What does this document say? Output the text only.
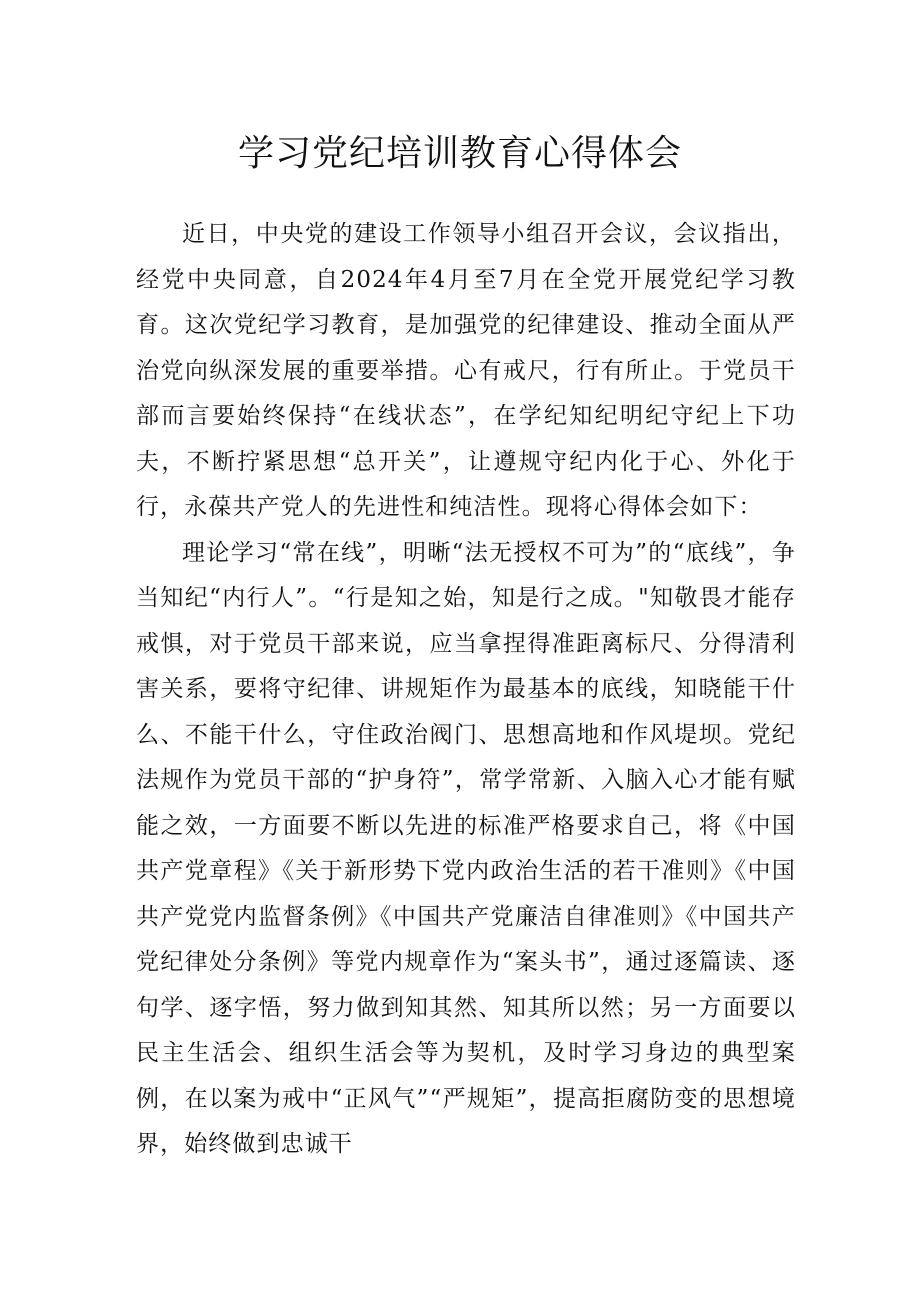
学习党纪培训教育心得体会

近日，中央党的建设工作领导小组召开会议，会议指出，经党中央同意，自2024年4月至7月在全党开展党纪学习教育。这次党纪学习教育，是加强党的纪律建设、推动全面从严治党向纵深发展的重要举措。心有戒尺，行有所止。于党员干部而言要始终保持“在线状态”，在学纪知纪明纪守纪上下功夫，不断拧紧思想“总开关”，让遵规守纪内化于心、外化于行，永葆共产党人的先进性和纯洁性。现将心得体会如下：

理论学习“常在线”，明晰“法无授权不可为”的“底线”，争当知纪“内行人”。“行是知之始，知是行之成。"知敬畏才能存戒惧，对于党员干部来说，应当拿捏得准距离标尺、分得清利害关系，要将守纪律、讲规矩作为最基本的底线，知晓能干什么、不能干什么，守住政治阀门、思想高地和作风堤坝。党纪法规作为党员干部的“护身符”，常学常新、入脑入心才能有赋能之效，一方面要不断以先进的标准严格要求自己，将《中国共产党章程》《关于新形势下党内政治生活的若干准则》《中国共产党党内监督条例》《中国共产党廉洁自律准则》《中国共产党纪律处分条例》等党内规章作为“案头书”，通过逐篇读、逐句学、逐字悟，努力做到知其然、知其所以然；另一方面要以民主生活会、组织生活会等为契机，及时学习身边的典型案例，在以案为戒中“正风气”“严规矩”，提高拒腐防变的思想境界，始终做到忠诚干
